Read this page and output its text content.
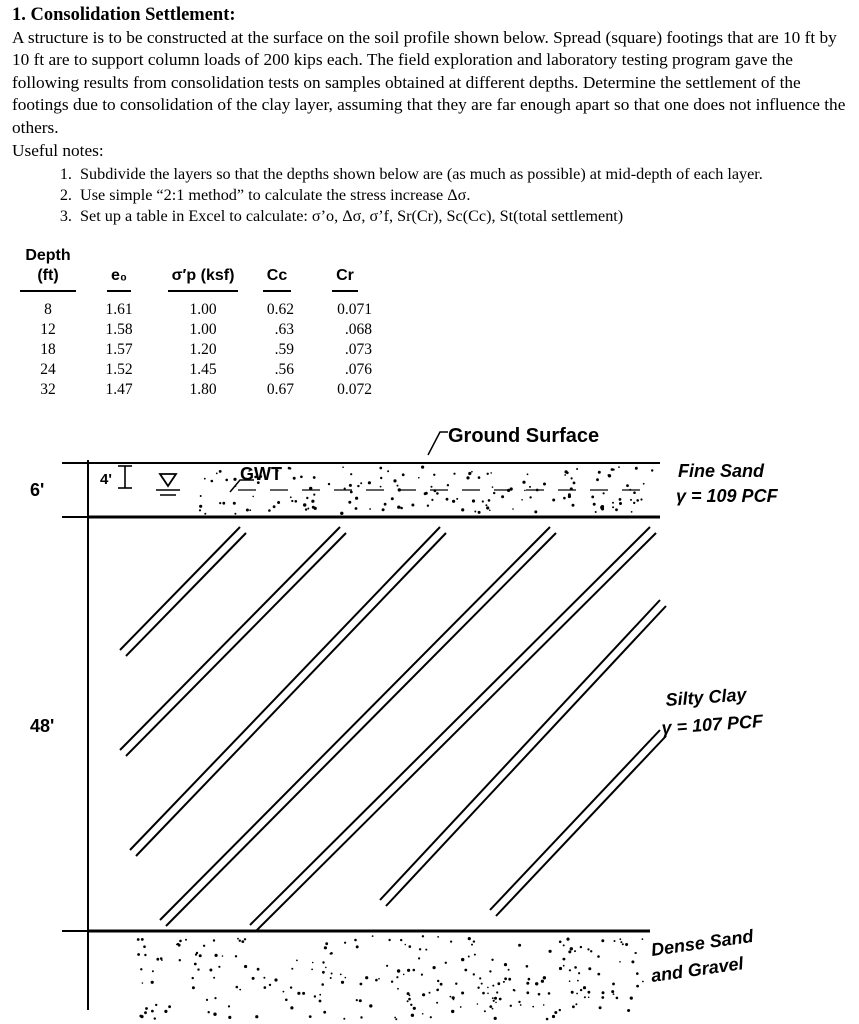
1. Consolidation Settlement:

A structure is to be constructed at the surface on the soil profile shown below. Spread (square) footings that are 10 ft by 10 ft are to support column loads of 200 kips each. The field exploration and laboratory testing program gave the following results from consolidation tests on samples obtained at different depths. Determine the settlement of the footings due to consolidation of the clay layer, assuming that they are far enough apart so that one does not influence the others.

Useful notes:

1. Subdivide the layers so that the depths shown below are (as much as possible) at mid-depth of each layer.
2. Use simple “2:1 method” to calculate the stress increase Δσ.
3. Set up a table in Excel to calculate: σ’o, Δσ, σ’f, Sr(Cr), Sc(Cc), St(total settlement)
Depth (ft)	e₀	σ′p (ksf)	Cc	Cr
8	1.61	1.00	0.62	0.071
12	1.58	1.00	.63	.068
18	1.57	1.20	.59	.073
24	1.52	1.45	.56	.076
32	1.47	1.80	0.67	0.072
6'
48'
4'	GWT
Ground Surface
Fine Sand
γ = 109 PCF
Silty Clay
γ = 107 PCF
Dense Sand
and Gravel
